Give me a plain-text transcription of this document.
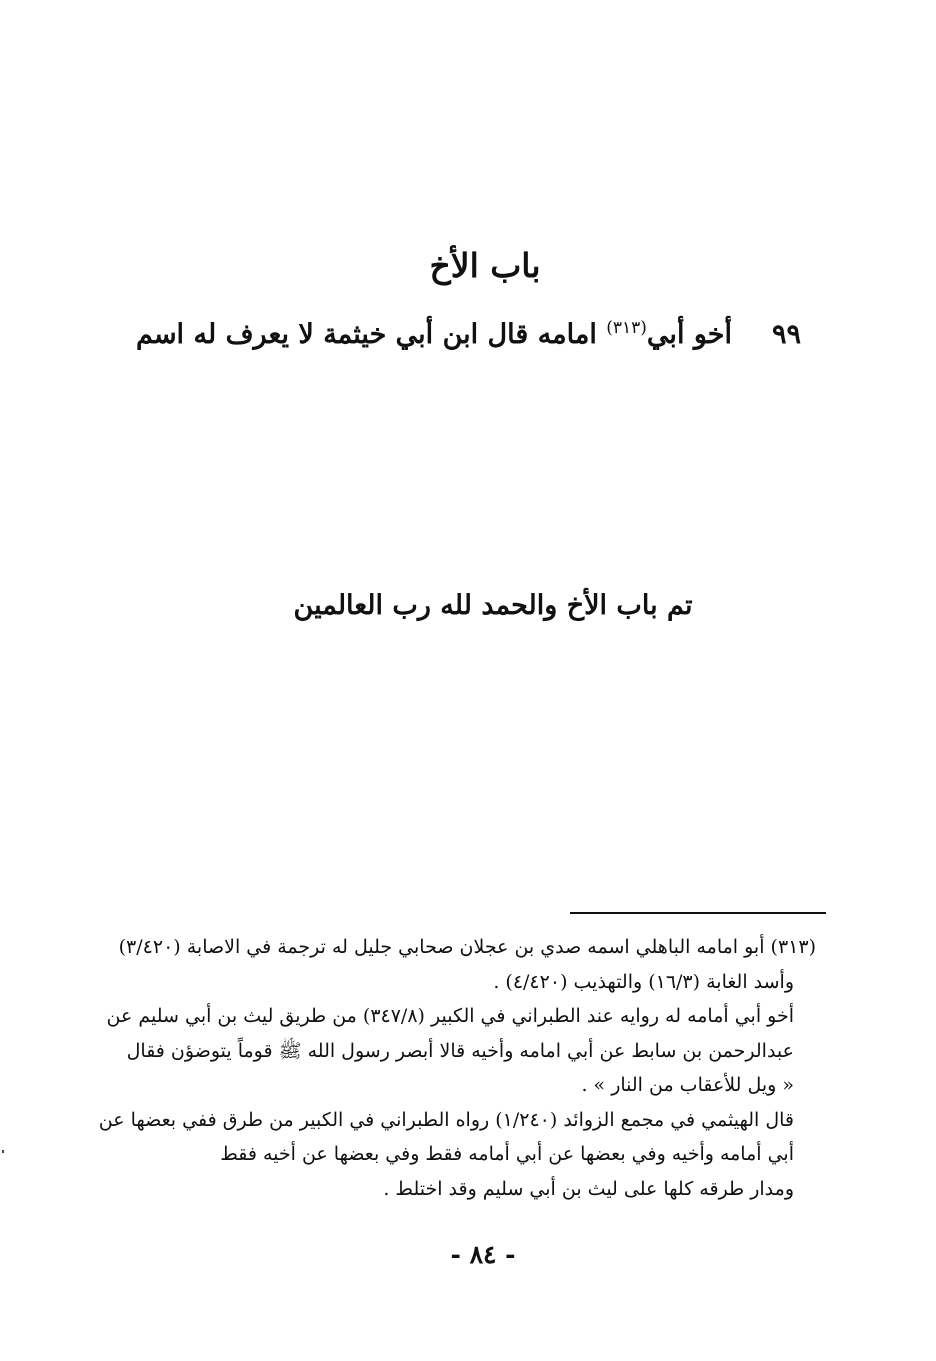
باب الأخ
٩٩أخو أبي$^{(٣١٣)}$ امامه قال ابن أبي خيثمة لا يعرف له اسم
تم باب الأخ والحمد لله رب العالمين
(٣١٣) أبو امامه الباهلي اسمه صدي بن عجلان صحابي جليل له ترجمة في الاصابة (٣/٤٢٠)
وأسد الغابة (١٦/٣) والتهذيب (٤/٤٢٠) .
أخو أبي أمامه له روايه عند الطبراني في الكبير (٣٤٧/٨) من طريق ليث بن أبي سليم عن
عبدالرحمن بن سابط عن أبي امامه وأخيه قالا أبصر رسول الله ﷺ قوماً يتوضؤن فقال
« ويل للأعقاب من النار » .
قال الهيثمي في مجمع الزوائد (١/٢٤٠) رواه الطبراني في الكبير من طرق ففي بعضها عن
أبي أمامه وأخيه وفي بعضها عن أبي أمامه فقط وفي بعضها عن أخيه فقط
ومدار طرقه كلها على ليث بن أبي سليم وقد اختلط .
- ٨٤ -
